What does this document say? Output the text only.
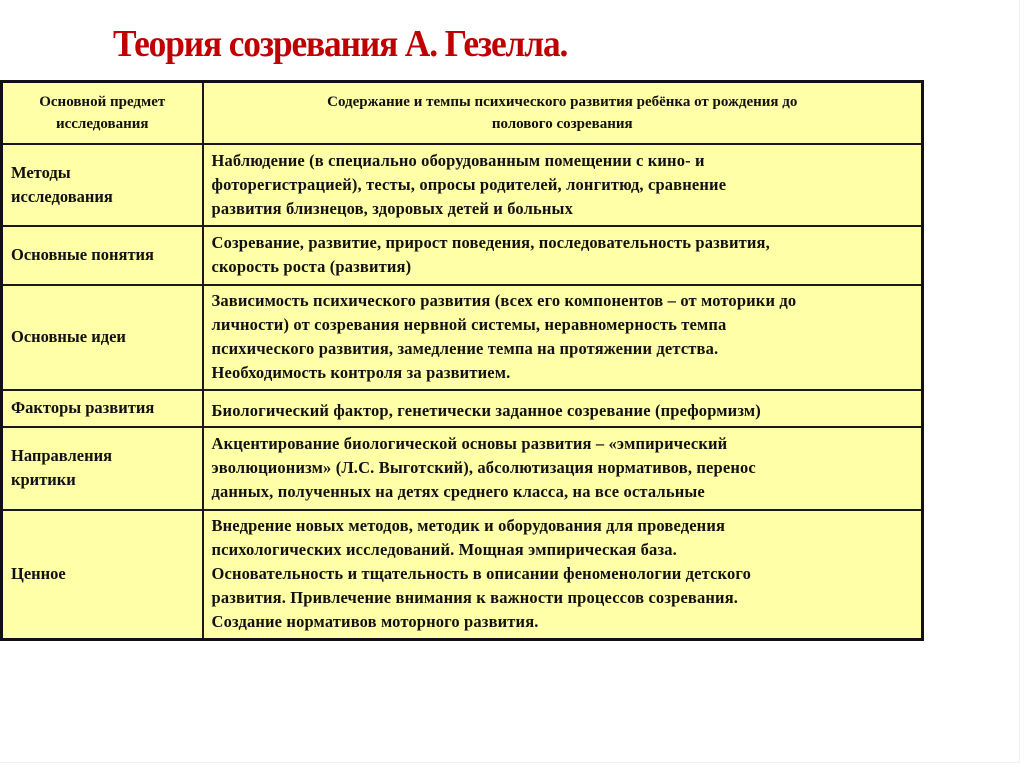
Теория созревания А. Гезелла.
Основной предмет
исследования	Содержание и темпы психического развития ребёнка от рождения до
полового созревания

Методы
исследования	Наблюдение (в специально оборудованным помещении с кино- и
фоторегистрацией), тесты, опросы родителей, лонгитюд, сравнение
развития близнецов, здоровых детей и больных

Основные понятия	Созревание, развитие, прирост поведения, последовательность развития,
скорость роста (развития)

Основные идеи	Зависимость психического развития (всех его компонентов – от моторики до
личности) от созревания нервной системы, неравномерность темпа
психического развития, замедление темпа на протяжении детства.
Необходимость контроля за развитием.

Факторы развития	Биологический фактор, генетически заданное созревание (преформизм)

Направления
критики	Акцентирование биологической основы развития – «эмпирический
эволюционизм» (Л.С. Выготский), абсолютизация нормативов, перенос
данных, полученных на детях среднего класса, на все остальные

Ценное	Внедрение новых методов, методик и оборудования для проведения
психологических исследований. Мощная эмпирическая база.
Основательность и тщательность в описании феноменологии детского
развития. Привлечение внимания к важности процессов созревания.
Создание нормативов моторного развития.
